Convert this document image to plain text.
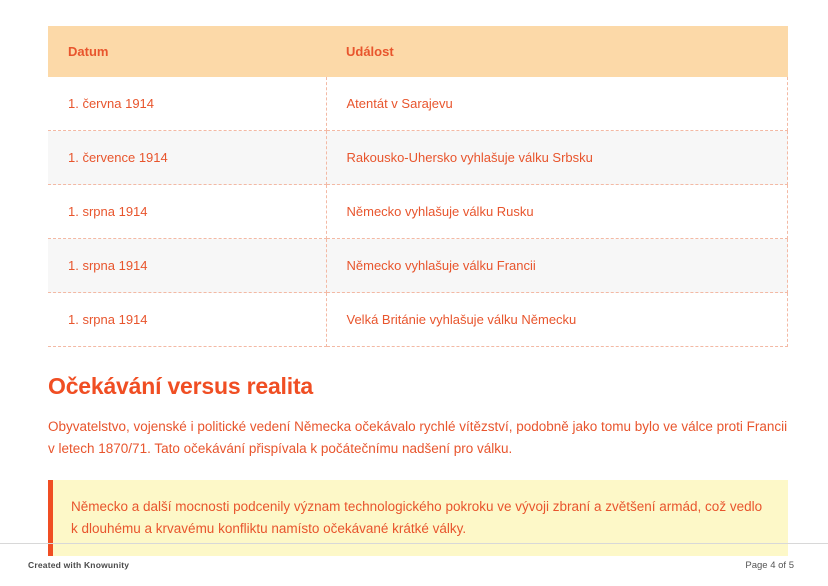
Datum	Událost
1. června 1914	Atentát v Sarajevu
1. července 1914	Rakousko-Uhersko vyhlašuje válku Srbsku
1. srpna 1914	Německo vyhlašuje válku Rusku
1. srpna 1914	Německo vyhlašuje válku Francii
1. srpna 1914	Velká Británie vyhlašuje válku Německu
Očekávání versus realita

Obyvatelstvo, vojenské i politické vedení Německa očekávalo rychlé vítězství, podobně jako tomu bylo ve válce proti Francii v letech 1870/71. Tato očekávání přispívala k počátečnímu nadšení pro válku.

Německo a další mocnosti podcenily význam technologického pokroku ve vývoji zbraní a zvětšení armád, což vedlo k dlouhému a krvavému konfliktu namísto očekávané krátké války.

Created with Knowunity	Page 4 of 5
